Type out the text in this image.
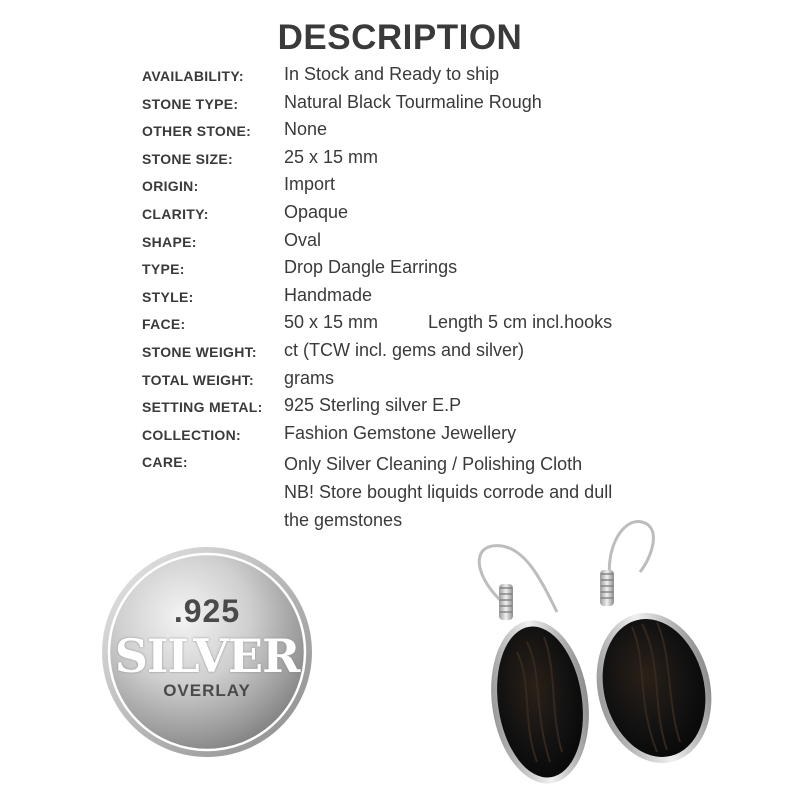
DESCRIPTION
AVAILABILITY: In Stock and Ready to ship
STONE TYPE:	Natural Black Tourmaline Rough
OTHER STONE: None
STONE SIZE:	25 x 15 mm
ORIGIN:	Import
CLARITY:	Opaque
SHAPE:	Oval
TYPE:	Drop Dangle Earrings
STYLE:	Handmade
FACE:	50 x 15 mm	Length 5 cm incl.hooks
STONE WEIGHT: ct (TCW incl. gems and silver)
TOTAL WEIGHT: grams
SETTING METAL: 925 Sterling silver E.P
COLLECTION: Fashion Gemstone Jewellery
CARE:	Only Silver Cleaning / Polishing Cloth
NB! Store bought liquids corrode and dull
the gemstones
.925
SILVER
OVERLAY
